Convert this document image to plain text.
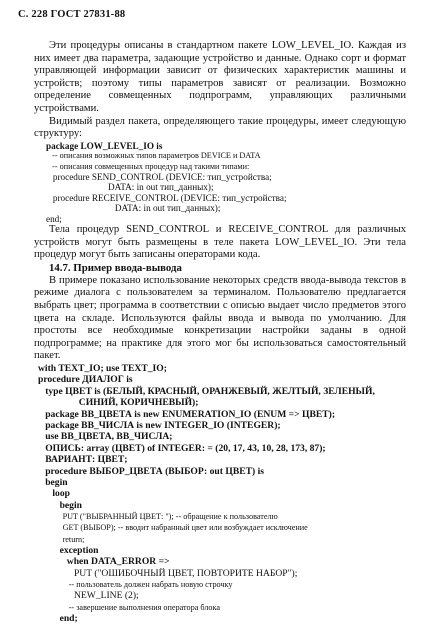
С. 228 ГОСТ 27831-88

Эти процедуры описаны в стандартном пакете LOW_LEVEL_IO. Каждая из них имеет два параметра, задающие устройство и данные. Однако сорт и формат управляющей информации зависит от физических характеристик машины и устройств; поэтому типы параметров зависят от реализации. Возможно определение совмещенных подпрограмм, управляющих различными устройствами.

Видимый раздел пакета, определяющего такие процедуры, имеет следующую структуру:

package LOW_LEVEL_IO is
-- описания возможных типов параметров DEVICE и DATA
-- описания совмещенных процедур над такими типами:
procedure SEND_CONTROL (DEVICE: тип_устройства;
DATA: in out тип_данных);
procedure RECEIVE_CONTROL (DEVICE: тип_устройства;
DATA: in out тип_данных);
end;

Тела процедур SEND_CONTROL и RECEIVE_CONTROL для различных устройств могут быть размещены в теле пакета LOW_LEVEL_IO. Эти тела процедур могут быть записаны операторами кода.

14.7. Пример ввода-вывода

В примере показано использование некоторых средств ввода-вывода текстов в режиме диалога с пользователем за терминалом. Пользователю предлагается выбрать цвет; программа в соответствии с описью выдает число предметов этого цвета на складе. Используются файлы ввода и вывода по умолчанию. Для простоты все необходимые конкретизации настройки заданы в одной подпрограмме; на практике для этого мог бы использоваться самостоятельный пакет.

with TEXT_IO; use TEXT_IO;
procedure ДИАЛОГ is
type ЦВЕТ is (БЕЛЫЙ, КРАСНЫЙ, ОРАНЖЕВЫЙ, ЖЕЛТЫЙ, ЗЕЛЕНЫЙ,
СИНИЙ, КОРИЧНЕВЫЙ);
package ВВ_ЦВЕТА is new ENUMERATION_IO (ENUM => ЦВЕТ);
package ВВ_ЧИСЛА is new INTEGER_IO (INTEGER);
use ВВ_ЦВЕТА, ВВ_ЧИСЛА;
ОПИСЬ: array (ЦВЕТ) of INTEGER: = (20, 17, 43, 10, 28, 173, 87);
ВАРИАНТ: ЦВЕТ;
procedure ВЫБОР_ЦВЕТА (ВЫБОР: out ЦВЕТ) is
begin
loop
begin
PUT ("ВЫБРАННЫЙ ЦВЕТ: "); -- обращение к пользователю
GET (ВЫБОР); -- вводит набранный цвет или возбуждает исключение
return;
exception
when DATA_ERROR =>
PUT ("ОШИБОЧНЫЙ ЦВЕТ, ПОВТОРИТЕ НАБОР");
-- пользователь должен набрать новую строчку
NEW_LINE (2);
-- завершение выполнения оператора блока
end;
